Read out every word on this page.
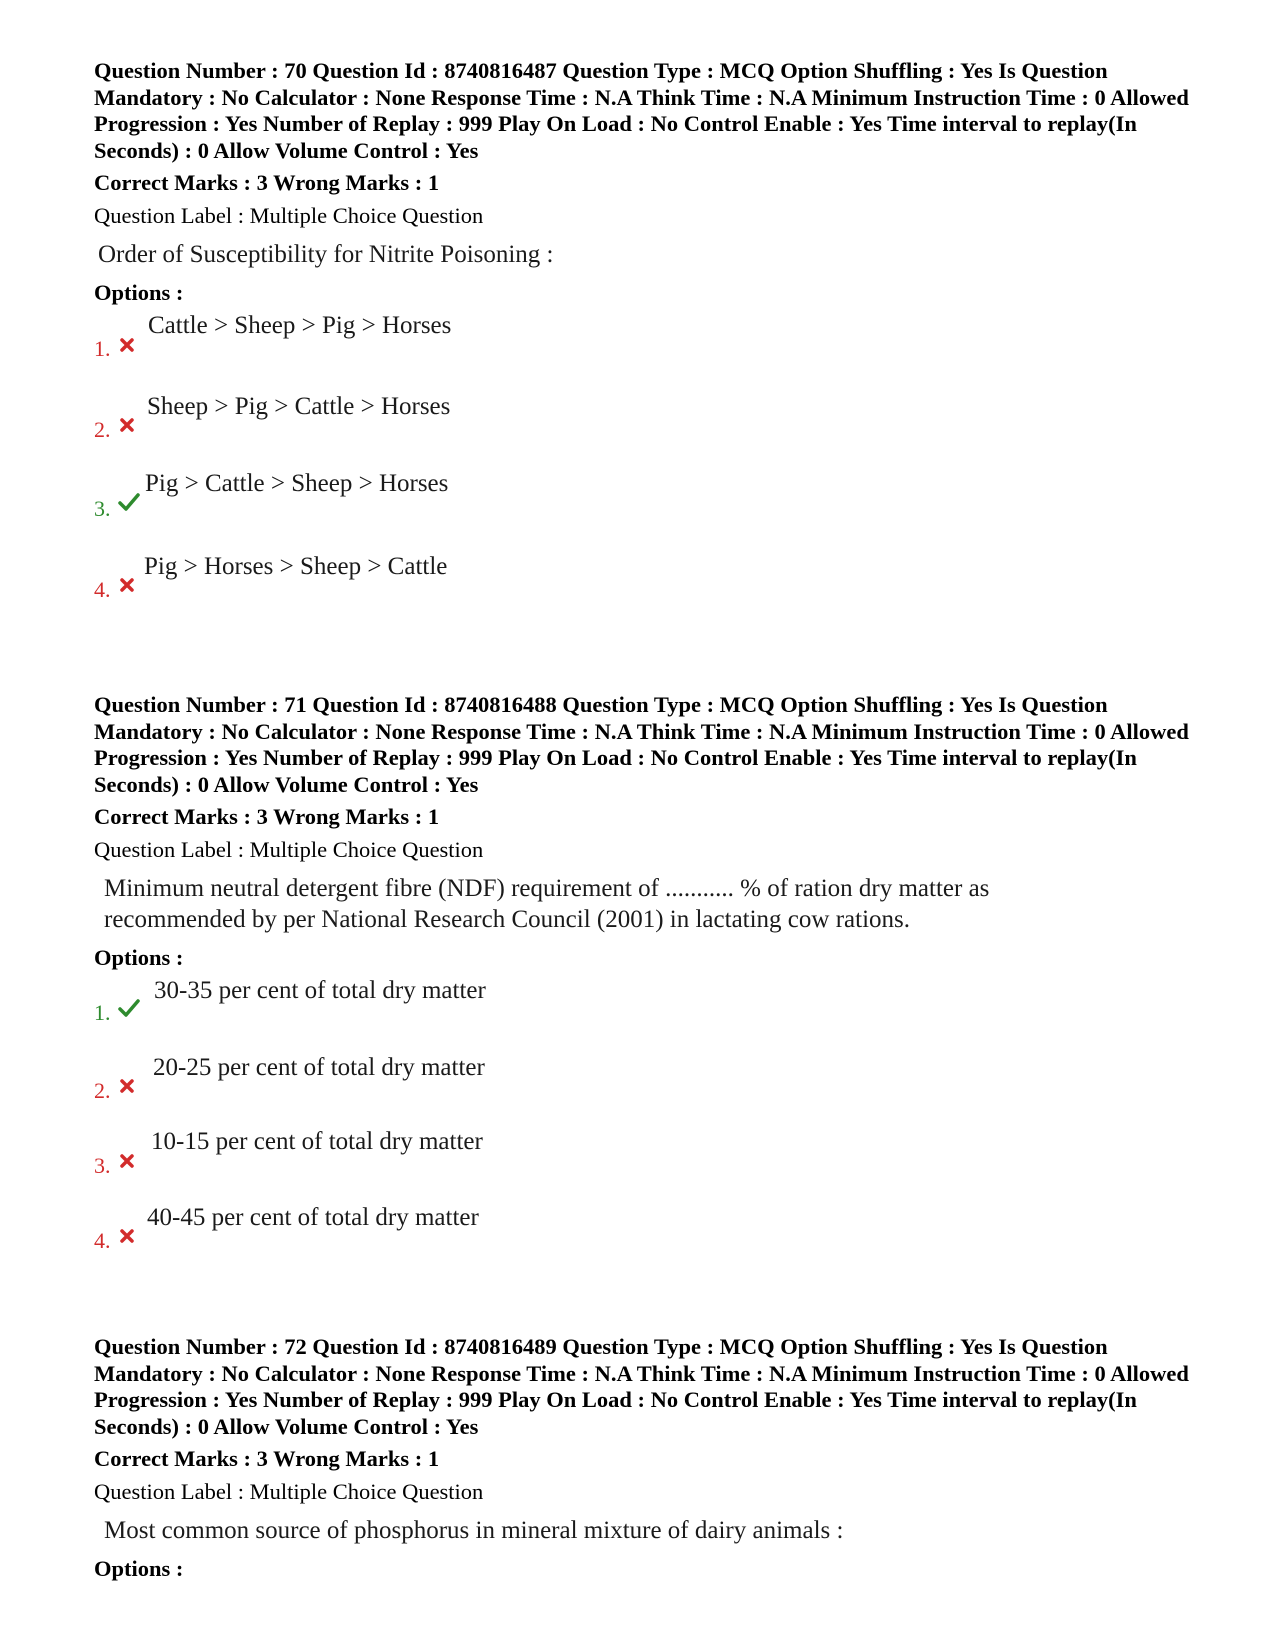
Question Number : 70 Question Id : 8740816487 Question Type : MCQ Option Shuffling : Yes Is Question Mandatory : No Calculator : None Response Time : N.A Think Time : N.A Minimum Instruction Time : 0 Allowed Progression : Yes Number of Replay : 999 Play On Load : No Control Enable : Yes Time interval to replay(In Seconds) : 0 Allow Volume Control : Yes

Correct Marks : 3 Wrong Marks : 1
Question Label : Multiple Choice Question
Order of Susceptibility for Nitrite Poisoning :
Options :
1.
Cattle > Sheep > Pig > Horses
2.
Sheep > Pig > Cattle > Horses
3.
Pig > Cattle > Sheep > Horses
4.
Pig > Horses > Sheep > Cattle

Question Number : 71 Question Id : 8740816488 Question Type : MCQ Option Shuffling : Yes Is Question Mandatory : No Calculator : None Response Time : N.A Think Time : N.A Minimum Instruction Time : 0 Allowed Progression : Yes Number of Replay : 999 Play On Load : No Control Enable : Yes Time interval to replay(In Seconds) : 0 Allow Volume Control : Yes

Correct Marks : 3 Wrong Marks : 1
Question Label : Multiple Choice Question
Minimum neutral detergent fibre (NDF) requirement of ........... % of ration dry matter as
recommended by per National Research Council (2001) in lactating cow rations.
Options :
1.
30-35 per cent of total dry matter
2.
20-25 per cent of total dry matter
3.
10-15 per cent of total dry matter
4.
40-45 per cent of total dry matter

Question Number : 72 Question Id : 8740816489 Question Type : MCQ Option Shuffling : Yes Is Question Mandatory : No Calculator : None Response Time : N.A Think Time : N.A Minimum Instruction Time : 0 Allowed Progression : Yes Number of Replay : 999 Play On Load : No Control Enable : Yes Time interval to replay(In Seconds) : 0 Allow Volume Control : Yes

Correct Marks : 3 Wrong Marks : 1
Question Label : Multiple Choice Question
Most common source of phosphorus in mineral mixture of dairy animals :
Options :
